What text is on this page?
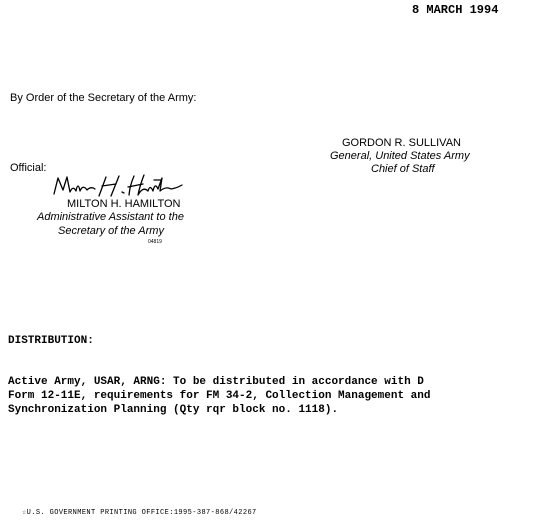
8 MARCH 1994
By Order of the Secretary of the Army:
GORDON R. SULLIVAN
General, United States Army
Chief of Staff
Official:
MILTON H. HAMILTON
Administrative Assistant to the
Secretary of the Army
04819
DISTRIBUTION:
Active Army, USAR, ARNG: To be distributed in accordance with D
Form 12-11E, requirements for FM 34-2, Collection Management and
Synchronization Planning (Qty rqr block no. 1118).
☆U.S. GOVERNMENT PRINTING OFFICE:1995-387-868/42267
